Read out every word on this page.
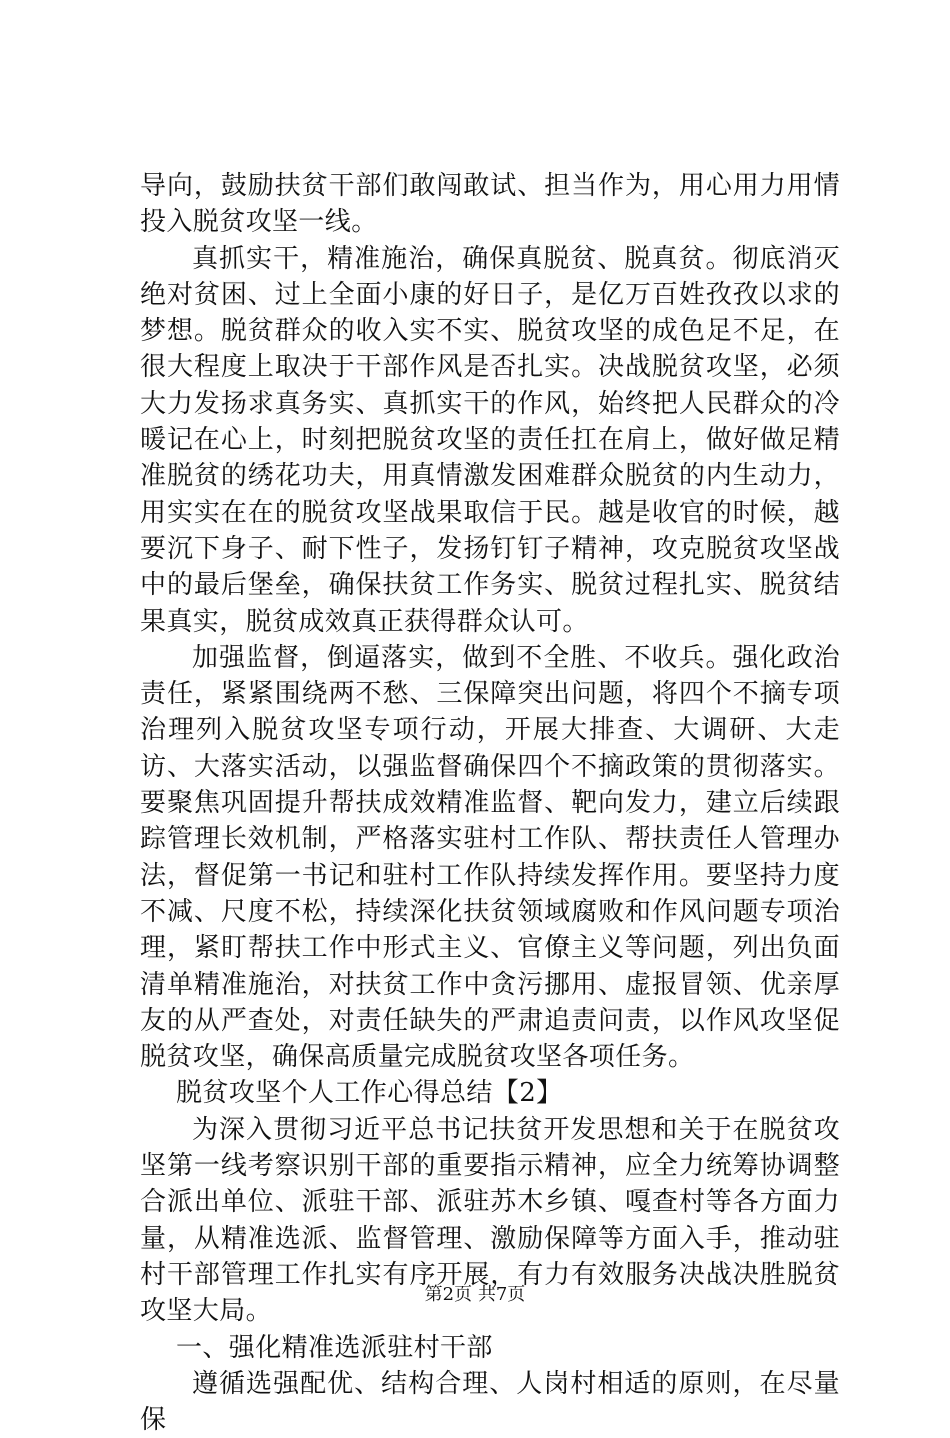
导向，鼓励扶贫干部们敢闯敢试、担当作为，用心用力用情投入脱贫攻坚一线。

真抓实干，精准施治，确保真脱贫、脱真贫。彻底消灭绝对贫困、过上全面小康的好日子，是亿万百姓孜孜以求的梦想。脱贫群众的收入实不实、脱贫攻坚的成色足不足，在很大程度上取决于干部作风是否扎实。决战脱贫攻坚，必须大力发扬求真务实、真抓实干的作风，始终把人民群众的冷暖记在心上，时刻把脱贫攻坚的责任扛在肩上，做好做足精准脱贫的绣花功夫，用真情激发困难群众脱贫的内生动力，用实实在在的脱贫攻坚战果取信于民。越是收官的时候，越要沉下身子、耐下性子，发扬钉钉子精神，攻克脱贫攻坚战中的最后堡垒，确保扶贫工作务实、脱贫过程扎实、脱贫结果真实，脱贫成效真正获得群众认可。

加强监督，倒逼落实，做到不全胜、不收兵。强化政治责任，紧紧围绕两不愁、三保障突出问题，将四个不摘专项治理列入脱贫攻坚专项行动，开展大排查、大调研、大走访、大落实活动，以强监督确保四个不摘政策的贯彻落实。要聚焦巩固提升帮扶成效精准监督、靶向发力，建立后续跟踪管理长效机制，严格落实驻村工作队、帮扶责任人管理办法，督促第一书记和驻村工作队持续发挥作用。要坚持力度不减、尺度不松，持续深化扶贫领域腐败和作风问题专项治理，紧盯帮扶工作中形式主义、官僚主义等问题，列出负面清单精准施治，对扶贫工作中贪污挪用、虚报冒领、优亲厚友的从严查处，对责任缺失的严肃追责问责，以作风攻坚促脱贫攻坚，确保高质量完成脱贫攻坚各项任务。

脱贫攻坚个人工作心得总结【2】

为深入贯彻习近平总书记扶贫开发思想和关于在脱贫攻坚第一线考察识别干部的重要指示精神，应全力统筹协调整合派出单位、派驻干部、派驻苏木乡镇、嘎查村等各方面力量，从精准选派、监督管理、激励保障等方面入手，推动驻村干部管理工作扎实有序开展，有力有效服务决战决胜脱贫攻坚大局。

一、强化精准选派驻村干部

遵循选强配优、结构合理、人岗村相适的原则，在尽量保

第2页 共7页
